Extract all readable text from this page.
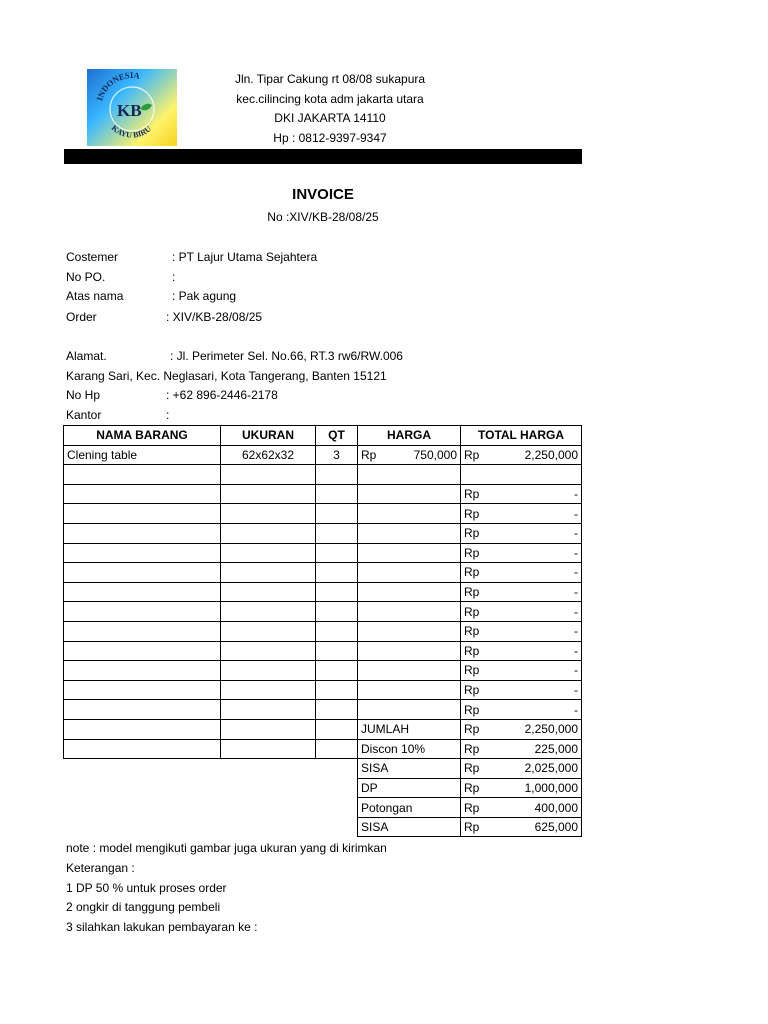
INDONESIA
KAYU BIRU
KB
Jln. Tipar Cakung rt 08/08 sukapura
kec.cilincing kota adm jakarta utara
DKI JAKARTA 14110
Hp : 0812-9397-9347
INVOICE
No :XIV/KB-28/08/25
Costemer	: PT Lajur Utama Sejahtera
No PO.	:
Atas nama	: Pak agung
Order	: XIV/KB-28/08/25
Alamat.	: Jl. Perimeter Sel. No.66, RT.3 rw6/RW.006
Karang Sari, Kec. Neglasari, Kota Tangerang, Banten 15121
No Hp	: +62 896-2446-2178
Kantor	:
NAMA BARANG	UKURAN	QT	HARGA	TOTAL HARGA
Clening table	62x62x32	3	Rp 750,000	Rp 2,250,000

				Rp -

				Rp -

				Rp -

				Rp -

				Rp -

				Rp -

				Rp -

				Rp -

				Rp -

				Rp -

				Rp -

				Rp -

			JUMLAH	Rp 2,250,000

			Discon 10%	Rp 225,000

			SISA	Rp 2,025,000

			DP	Rp 1,000,000

			Potongan	Rp 400,000

			SISA	Rp 625,000
note : model mengikuti gambar juga ukuran yang di kirimkan
Keterangan :
1 DP 50 % untuk proses order
2 ongkir di tanggung pembeli
3 silahkan lakukan pembayaran ke :
